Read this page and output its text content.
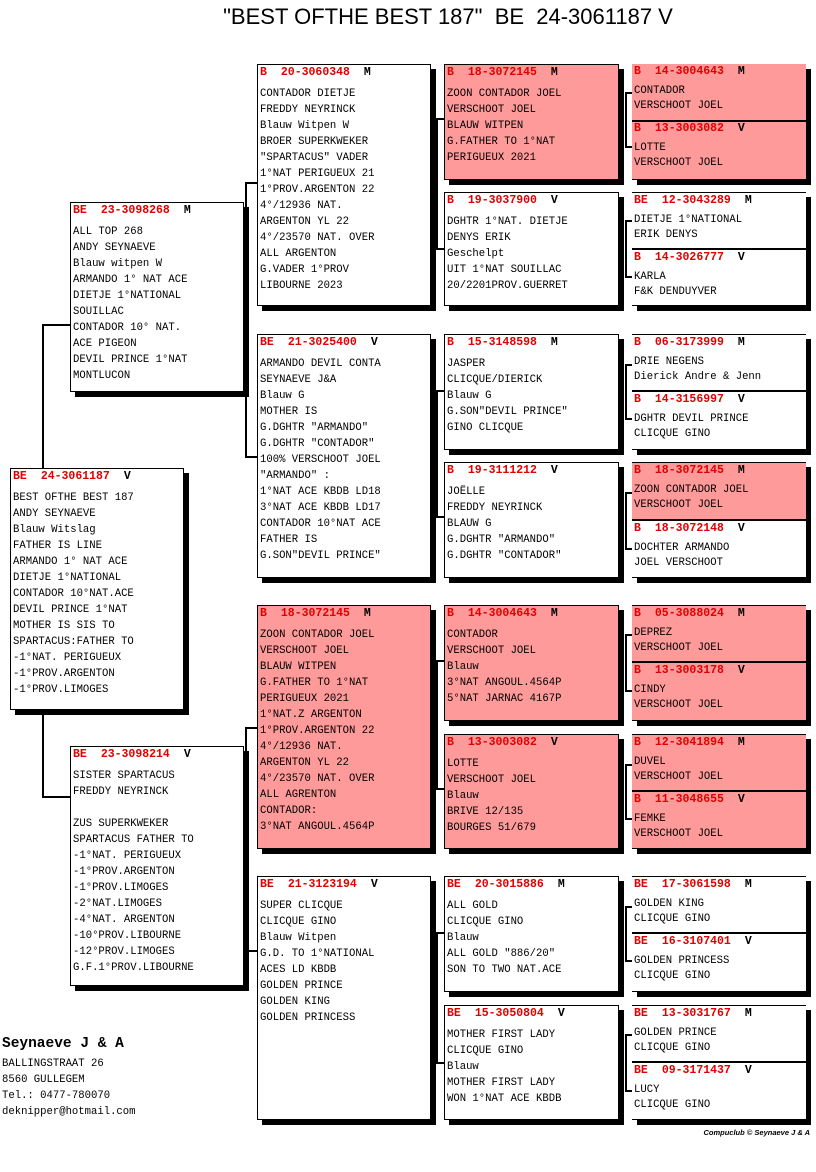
"BEST OFTHE BEST 187"  BE  24-3061187 V
BE 24-3061187 V
BEST OFTHE BEST 187
ANDY SEYNAEVE
Blauw Witslag
FATHER IS LINE
ARMANDO 1° NAT ACE
DIETJE 1°NATIONAL
CONTADOR 10°NAT.ACE
DEVIL PRINCE 1°NAT
MOTHER IS SIS TO
SPARTACUS:FATHER TO
-1°NAT. PERIGUEUX
-1°PROV.ARGENTON
-1°PROV.LIMOGES
BE 23-3098268 M
ALL TOP 268
ANDY SEYNAEVE
Blauw witpen W
ARMANDO 1° NAT ACE
DIETJE 1°NATIONAL
SOUILLAC
CONTADOR 10° NAT.
ACE PIGEON
DEVIL PRINCE 1°NAT
MONTLUCON
BE 23-3098214 V
SISTER SPARTACUS
FREDDY NEYRINCK

ZUS SUPERKWEKER
SPARTACUS FATHER TO
-1°NAT. PERIGUEUX
-1°PROV.ARGENTON
-1°PROV.LIMOGES
-2°NAT.LIMOGES
-4°NAT. ARGENTON
-10°PROV.LIBOURNE
-12°PROV.LIMOGES
G.F.1°PROV.LIBOURNE
B 20-3060348 M
CONTADOR DIETJE
FREDDY NEYRINCK
Blauw Witpen W
BROER SUPERKWEKER
"SPARTACUS" VADER
1°NAT PERIGUEUX 21
1°PROV.ARGENTON 22
4°/12936 NAT.
ARGENTON YL 22
4°/23570 NAT. OVER
ALL ARGENTON
G.VADER 1°PROV
LIBOURNE 2023
BE 21-3025400 V
ARMANDO DEVIL CONTA
SEYNAEVE J&A
Blauw G
MOTHER IS
G.DGHTR "ARMANDO"
G.DGHTR "CONTADOR"
100% VERSCHOOT JOEL
"ARMANDO" :
1°NAT ACE KBDB LD18
3°NAT ACE KBDB LD17
CONTADOR 10°NAT ACE
FATHER IS
G.SON"DEVIL PRINCE"
B 18-3072145 M
ZOON CONTADOR JOEL
VERSCHOOT JOEL
BLAUW WITPEN
G.FATHER TO 1°NAT
PERIGUEUX 2021
1°NAT.Z ARGENTON
1°PROV.ARGENTON 22
4°/12936 NAT.
ARGENTON YL 22
4°/23570 NAT. OVER
ALL AGRENTON
CONTADOR:
3°NAT ANGOUL.4564P
BE 21-3123194 V
SUPER CLICQUE
CLICQUE GINO
Blauw Witpen
G.D. TO 1°NATIONAL
ACES LD KBDB
GOLDEN PRINCE
GOLDEN KING
GOLDEN PRINCESS
B 18-3072145 M
ZOON CONTADOR JOEL
VERSCHOOT JOEL
BLAUW WITPEN
G.FATHER TO 1°NAT
PERIGUEUX 2021
B 19-3037900 V
DGHTR 1°NAT. DIETJE
DENYS ERIK
Geschelpt
UIT 1°NAT SOUILLAC
20/2201PROV.GUERRET
B 15-3148598 M
JASPER
CLICQUE/DIERICK
Blauw G
G.SON"DEVIL PRINCE"
GINO CLICQUE
B 19-3111212 V
JOËLLE
FREDDY NEYRINCK
BLAUW G
G.DGHTR "ARMANDO"
G.DGHTR "CONTADOR"
B 14-3004643 M
CONTADOR
VERSCHOOT JOEL
Blauw
3°NAT ANGOUL.4564P
5°NAT JARNAC 4167P
B 13-3003082 V
LOTTE
VERSCHOOT JOEL
Blauw
BRIVE 12/135
BOURGES 51/679
BE 20-3015886 M
ALL GOLD
CLICQUE GINO
Blauw
ALL GOLD "886/20"
SON TO TWO NAT.ACE
BE 15-3050804 V
MOTHER FIRST LADY
CLICQUE GINO
Blauw
MOTHER FIRST LADY
WON 1°NAT ACE KBDB
B 14-3004643 M
CONTADOR
VERSCHOOT JOEL
B 13-3003082 V
LOTTE
VERSCHOOT JOEL
BE 12-3043289 M
DIETJE 1°NATIONAL
ERIK DENYS
B 14-3026777 V
KARLA
F&K DENDUYVER
B 06-3173999 M
DRIE NEGENS
Dierick Andre & Jenn
B 14-3156997 V
DGHTR DEVIL PRINCE
CLICQUE GINO
B 18-3072145 M
ZOON CONTADOR JOEL
VERSCHOOT JOEL
B 18-3072148 V
DOCHTER ARMANDO
JOEL VERSCHOOT
B 05-3088024 M
DEPREZ
VERSCHOOT JOEL
B 13-3003178 V
CINDY
VERSCHOOT JOEL
B 12-3041894 M
DUVEL
VERSCHOOT JOEL
B 11-3048655 V
FEMKE
VERSCHOOT JOEL
BE 17-3061598 M
GOLDEN KING
CLICQUE GINO
BE 16-3107401 V
GOLDEN PRINCESS
CLICQUE GINO
BE 13-3031767 M
GOLDEN PRINCE
CLICQUE GINO
BE 09-3171437 V
LUCY
CLICQUE GINO
Seynaeve J & A
BALLINGSTRAAT 26
8560 GULLEGEM
Tel.: 0477-780070
deknipper@hotmail.com
Compuclub © Seynaeve J & A
